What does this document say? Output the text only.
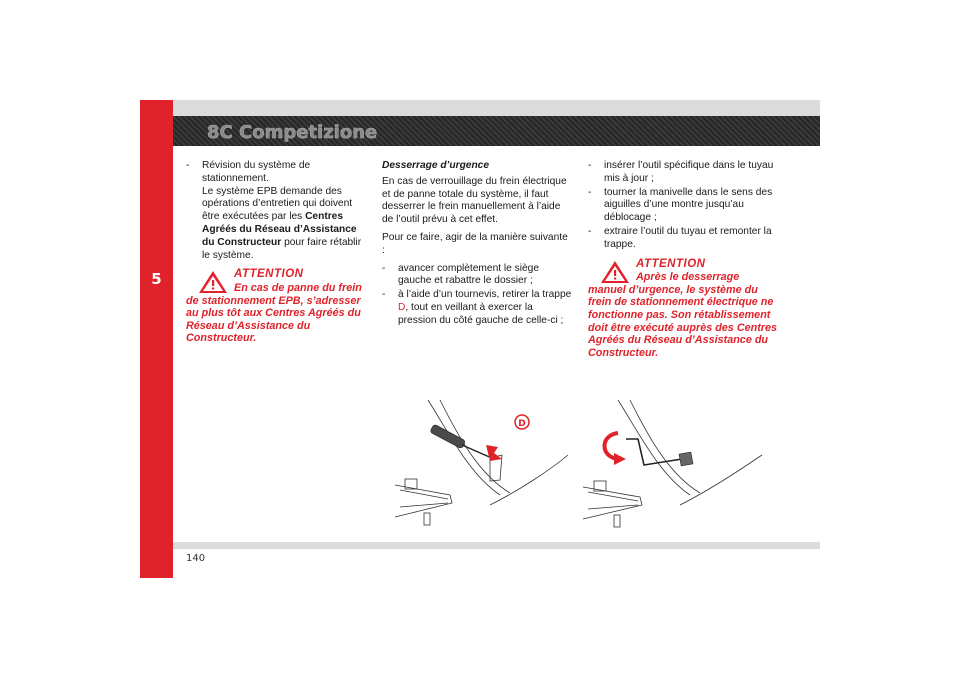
5
8C Competizione
- Révision du système de stationnement.
Le système EPB demande des opérations d’entretien qui doivent être exécutées par les Centres Agréés du Réseau d’Assistance du Constructeur pour faire rétablir le système.
ATTENTION
En cas de panne du frein de stationnement EPB, s’adresser au plus tôt aux Centres Agréés du Réseau d’Assistance du Constructeur.
Desserrage d’urgence
En cas de verrouillage du frein électrique et de panne totale du système, il faut desserrer le frein manuellement à l’aide de l’outil prévu à cet effet.
Pour ce faire, agir de la manière suivante :
- avancer complètement le siège gauche et rabattre le dossier ;
- à l’aide d’un tournevis, retirer la trappe D, tout en veillant à exercer la pression du côté gauche de celle-ci ;
- insérer l’outil spécifique dans le tuyau mis à jour ;
- tourner la manivelle dans le sens des aiguilles d’une montre jusqu’au déblocage ;
- extraire l’outil du tuyau et remonter la trappe.
ATTENTION
Après le desserrage manuel d’urgence, le système du frein de stationnement électrique ne fonctionne pas. Son rétablissement doit être exécuté auprès des Centres Agréés du Réseau d’Assistance du Constructeur.
D
140
